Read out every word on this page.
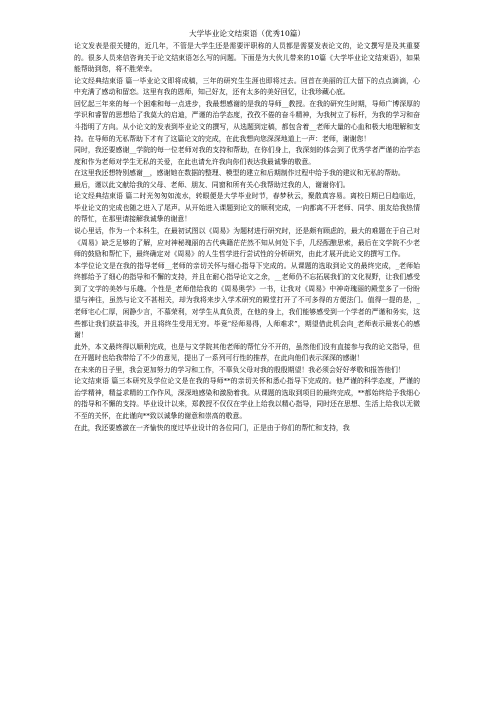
大学毕业论文结束语（优秀10篇）

论文发表是很关键的，近几年，不管是大学生还是需要评职称的人员都是需要发表论文的，论文撰写是及其重要的。很多人员来信咨询关于论文结束语怎么写的问题。下面是为大伙儿带来的10篇《大学毕业论文结束语》，如果能帮助到您，将不胜荣幸。

论文经典结束语 篇一毕业论文即将成稿，三年的研究生生涯也即将过去。回首在美丽的江大留下的点点滴滴，心中充满了感动和留恋。这里有我的恩师，知己好友，还有太多的美好回忆，让我珍藏心底。

回忆起三年来的每一个困难和每一点进步，我最想感谢的是我的导师__教授。在我的研究生时期，导师广博深厚的学识和睿智的思想给了我莫大的启迪，严谨的治学态度，孜孜不倦的奋斗精神，为我树立了标杆，为我的学习和奋斗指明了方向。从小论文的发表到毕业论文的撰写，从选题到定稿，都包含着__老师大量的心血和极大地理解和支持。在导师的无私帮助下才有了这篇论文的完成，在此我想向您深深地道上一声：老师，谢谢您！

同时，我还要感谢__学院的每一位老师对我的支持和帮助，在你们身上，我深刻的体会到了优秀学者严谨的治学态度和作为老师对学生无私的关爱，在此也请允许我向你们表达我最诚挚的敬意。

在这里我还想特别感谢__，感谢她在数据的整理、模型的建立和后期制作过程中给予我的建议和无私的帮助。

最后，谨以此文献给我的父母、老师、朋友、同窗和所有关心我帮助过我的人，谢谢你们。

论文经典结束语 篇二时光匆匆如流水，转眼便是大学毕业时节，春梦秋云，聚散真容易。离校日期已日趋临近，毕业论文的完成也随之进入了尾声。从开始进入课题到论文的顺利完成，一向都离不开老师、同学、朋友给我热情的帮忙，在那里请接解我诚挚的谢意！

说心里话，作为一个本科生，在最初试图以《周易》为题材进行研究时，还是颇有顾虑的，最大的难题在于自己对《周易》缺乏足够的了解，应对神秘瑰丽的古代典籍茫茫然不知从何处下手，几经酝酿思索，最后在文学院不少老师的鼓励和帮忙下，最终确定对《周易》的人生哲学进行尝试性的分析研究，由此才展开此论文的撰写工作。

本学位论文是在我的指导老师__老师的亲切关怀与细心指导下完成的。从课题的选取到论文的最终完成，_老师始终都给予了细心的指导和不懈的支持，并且在耐心指导论文之余，__老师仍不忘拓展我们的文化视野，让我们感受到了文学的美妙与乐趣。个性是_老师借给我的《周易奥学》一书，让我对《周易》中神奇瑰丽的殿堂多了一份盼望与神往，虽然与论文不甚相关，却为我将来步入学术研究的殿堂打开了不可多得的方便法门。值得一提的是，_老师宅心仁厚，闲静少言，不慕荣利，对学生从真负责，在他的身上，我们能够感受到一个学者的严谨和务实，这些都让我们获益非浅，并且将终生受用无穷。毕竟“经师易得，人师难求”，期望借此机会向_老师表示最衷心的感谢！

此外，本文最终得以顺利完成，也是与文学院其他老师的帮忙分不开的，虽然他们没有直接参与我的论文指导，但在开题时也给我带给了不少的意见，提出了一系列可行性的推荐，在此向他们表示深深的感谢！

在未来的日子里，我会更加努力的学习和工作，不辜负父母对我的殷殷期望！我必须会好好孝敬和报答他们！

论文结束语 篇三本研究及学位论文是在我的导师**的亲切关怀和悉心指导下完成的。他严谨的科学态度，严谨的治学精神，精益求精的工作作风，深深地感染和激励着我。从课题的选取到项目的最终完成，**都始终给予我细心的指导和不懈的支持。毕业设计以来，郑教授不仅仅在学业上给我以精心指导，同时还在思想、生活上给我以无微不至的关怀，在此谨向**致以诚挚的谢意和崇高的敬意。

在此，我还要感激在一齐愉快的度过毕业设计的各位同门，正是由于你们的帮忙和支持，我
